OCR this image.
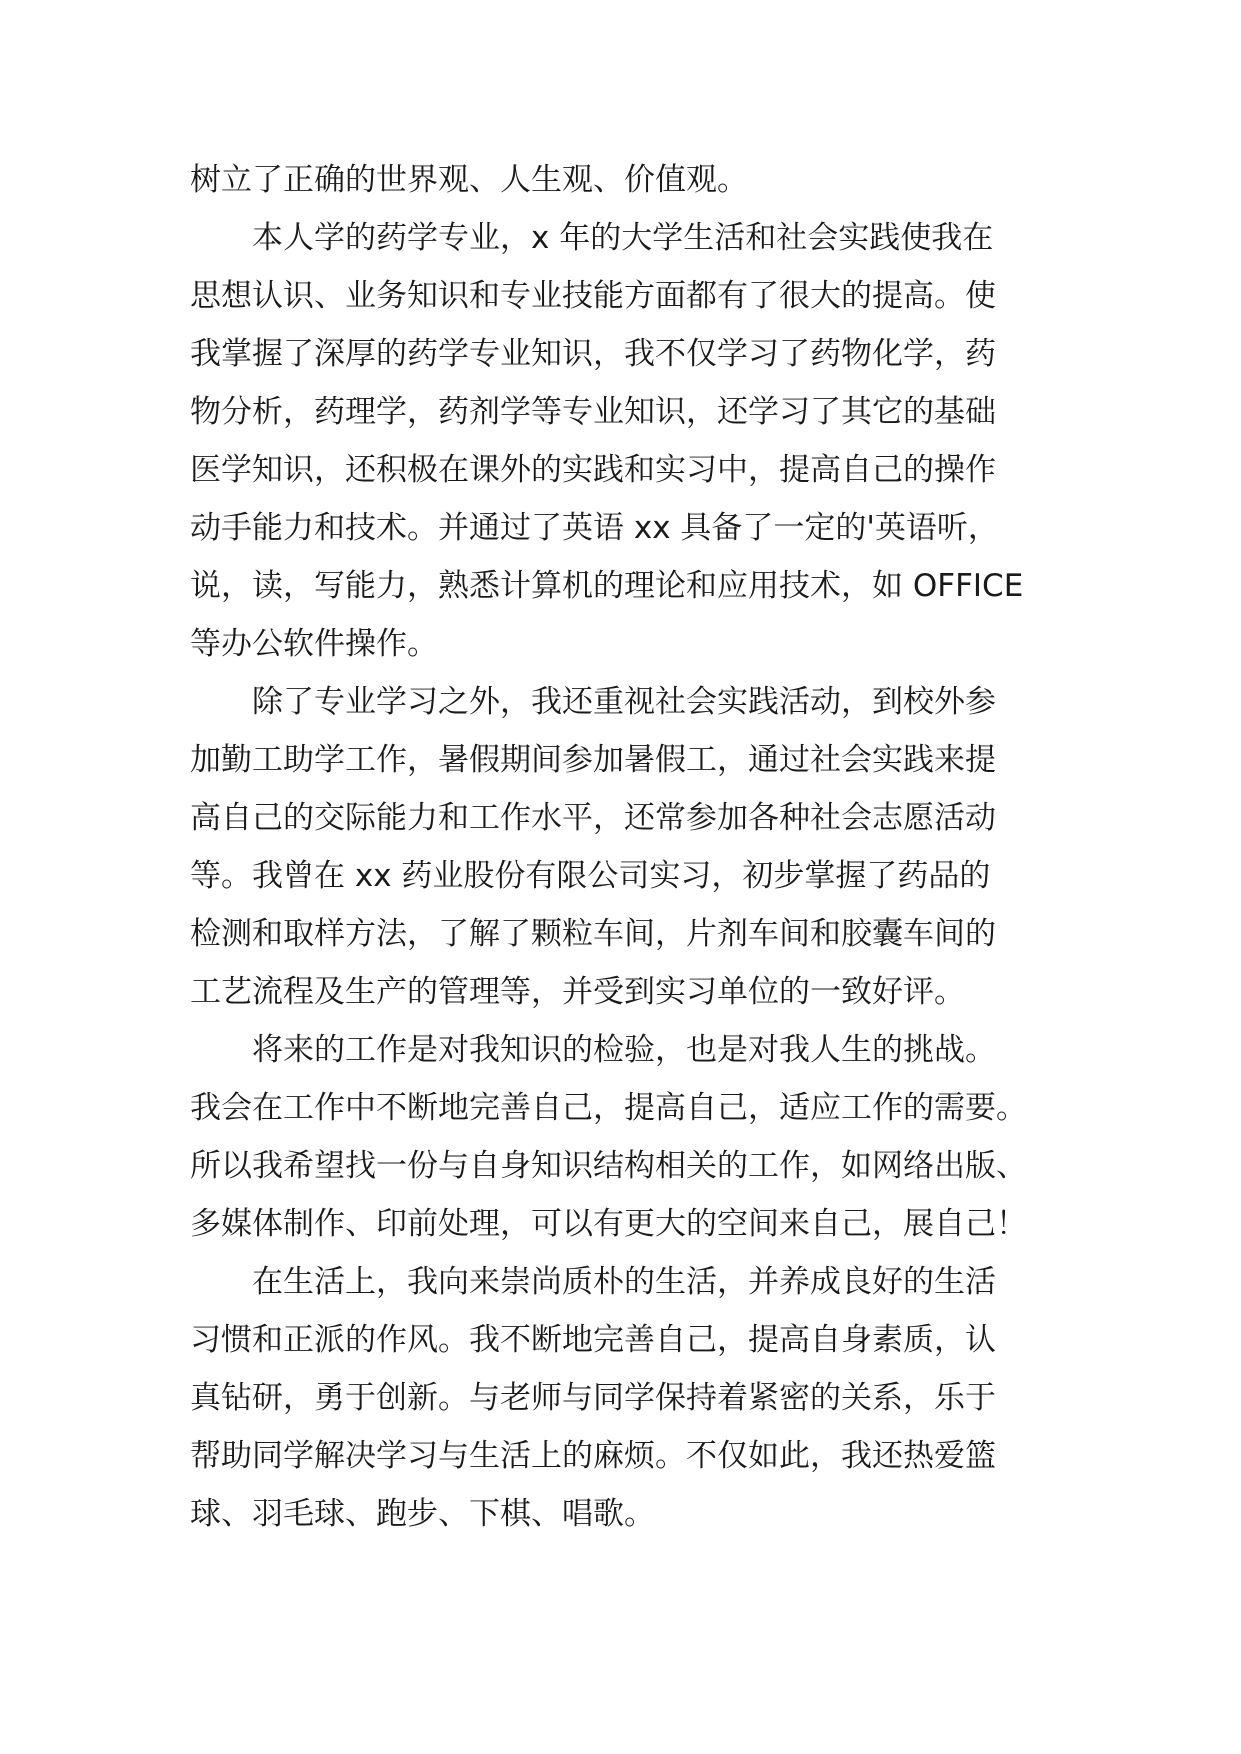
树立了正确的世界观、人生观、价值观。
本人学的药学专业，x 年的大学生活和社会实践使我在
思想认识、业务知识和专业技能方面都有了很大的提高。使
我掌握了深厚的药学专业知识，我不仅学习了药物化学，药
物分析，药理学，药剂学等专业知识，还学习了其它的基础
医学知识，还积极在课外的实践和实习中，提高自己的操作
动手能力和技术。并通过了英语 xx 具备了一定的'英语听，
说，读，写能力，熟悉计算机的理论和应用技术，如 OFFICE
等办公软件操作。
除了专业学习之外，我还重视社会实践活动，到校外参
加勤工助学工作，暑假期间参加暑假工，通过社会实践来提
高自己的交际能力和工作水平，还常参加各种社会志愿活动
等。我曾在 xx 药业股份有限公司实习，初步掌握了药品的
检测和取样方法，了解了颗粒车间，片剂车间和胶囊车间的
工艺流程及生产的管理等，并受到实习单位的一致好评。
将来的工作是对我知识的检验，也是对我人生的挑战。
我会在工作中不断地完善自己，提高自己，适应工作的需要。
所以我希望找一份与自身知识结构相关的工作，如网络出版、
多媒体制作、印前处理，可以有更大的空间来自己，展自己！
在生活上，我向来崇尚质朴的生活，并养成良好的生活
习惯和正派的作风。我不断地完善自己，提高自身素质，认
真钻研，勇于创新。与老师与同学保持着紧密的关系，乐于
帮助同学解决学习与生活上的麻烦。不仅如此，我还热爱篮
球、羽毛球、跑步、下棋、唱歌。
